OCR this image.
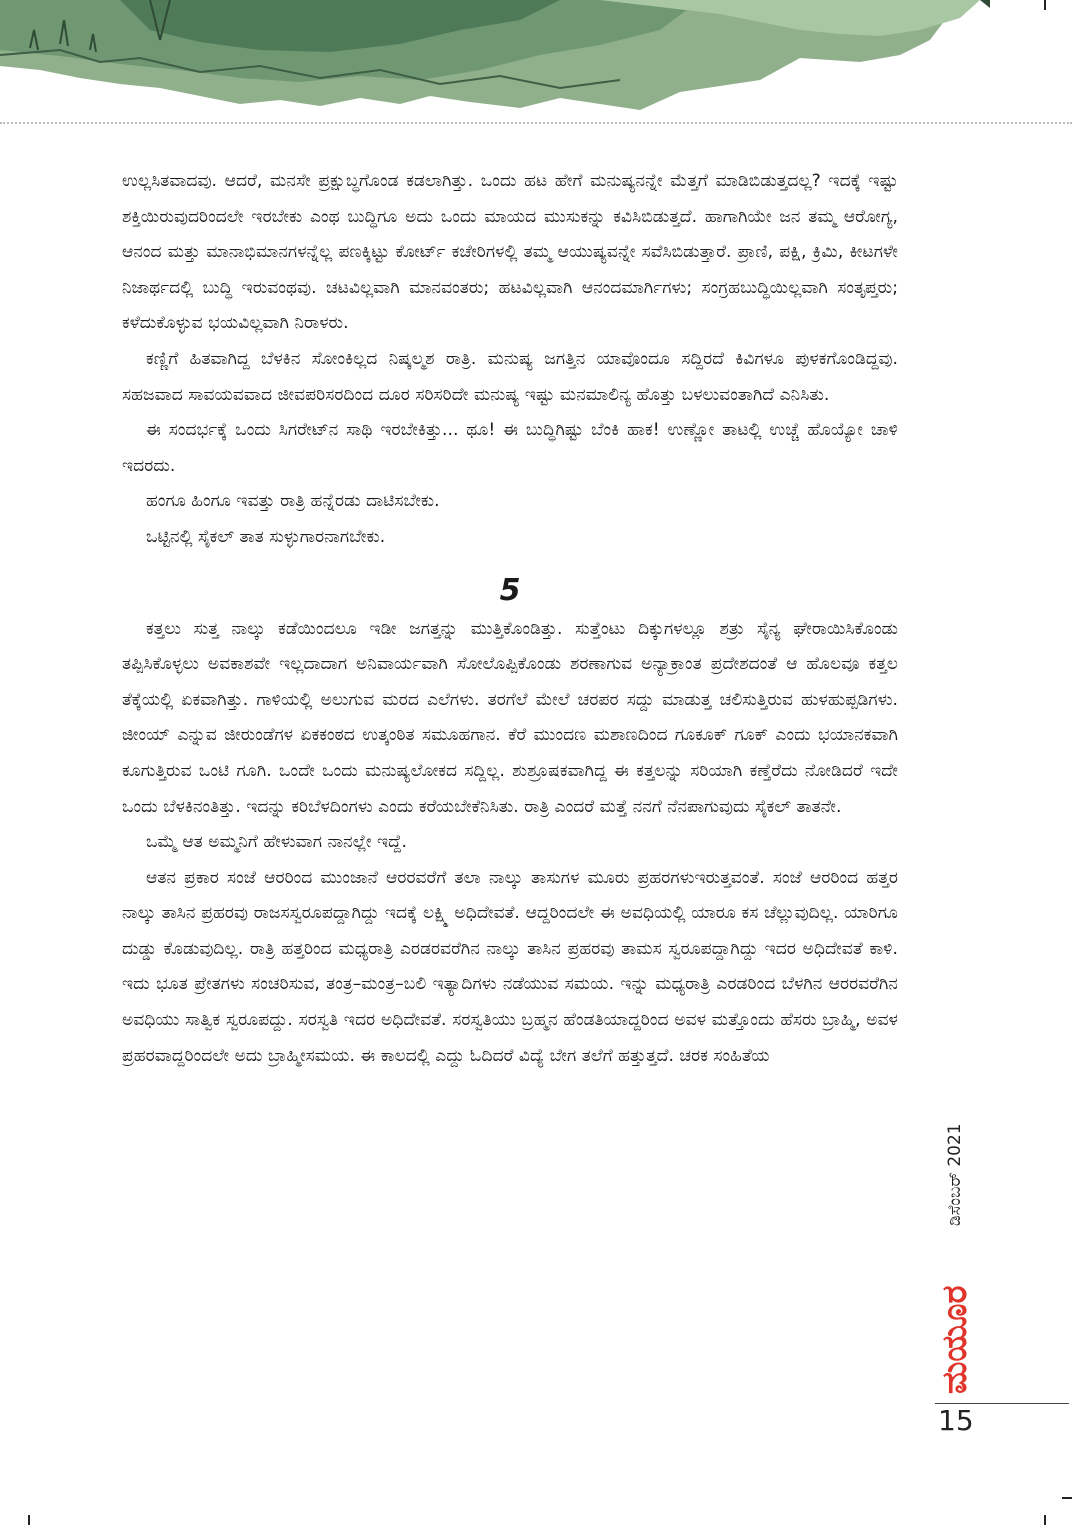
ಉಲ್ಲಸಿತವಾದವು. ಆದರೆ, ಮನಸೇ ಪ್ರಕ್ಷುಬ್ಧಗೊಂಡ ಕಡಲಾಗಿತ್ತು. ಒಂದು ಹಟ ಹೇಗೆ ಮನುಷ್ಯನನ್ನೇ ಮೆತ್ತಗೆ ಮಾಡಿಬಿಡುತ್ತದಲ್ಲ? ಇದಕ್ಕೆ ಇಷ್ಟು ಶಕ್ತಿಯಿರುವುದರಿಂದಲೇ ಇರಬೇಕು ಎಂಥ ಬುದ್ಧಿಗೂ ಅದು ಒಂದು ಮಾಯದ ಮುಸುಕನ್ನು ಕವಿಸಿಬಿಡುತ್ತದೆ. ಹಾಗಾಗಿಯೇ ಜನ ತಮ್ಮ ಆರೋಗ್ಯ, ಆನಂದ ಮತ್ತು ಮಾನಾಭಿಮಾನಗಳನ್ನೆಲ್ಲ ಪಣಕ್ಕಿಟ್ಟು ಕೋರ್ಟ್ ಕಚೇರಿಗಳಲ್ಲಿ ತಮ್ಮ ಆಯುಷ್ಯವನ್ನೇ ಸವೆಸಿಬಿಡುತ್ತಾರೆ. ಪ್ರಾಣಿ, ಪಕ್ಷಿ, ಕ್ರಿಮಿ, ಕೀಟಗಳೇ ನಿಜಾರ್ಥದಲ್ಲಿ ಬುದ್ಧಿ ಇರುವಂಥವು. ಚಟವಿಲ್ಲವಾಗಿ ಮಾನವಂತರು; ಹಟವಿಲ್ಲವಾಗಿ ಆನಂದಮಾರ್ಗಿಗಳು; ಸಂಗ್ರಹಬುದ್ಧಿಯಿಲ್ಲವಾಗಿ ಸಂತೃಪ್ತರು; ಕಳೆದುಕೊಳ್ಳುವ ಭಯವಿಲ್ಲವಾಗಿ ನಿರಾಳರು.

ಕಣ್ಣಿಗೆ ಹಿತವಾಗಿದ್ದ ಬೆಳಕಿನ ಸೋಂಕಿಲ್ಲದ ನಿಷ್ಕಲ್ಮಶ ರಾತ್ರಿ. ಮನುಷ್ಯ ಜಗತ್ತಿನ ಯಾವೊಂದೂ ಸದ್ದಿರದೆ ಕಿವಿಗಳೂ ಪುಳಕಗೊಂಡಿದ್ದವು. ಸಹಜವಾದ ಸಾವಯವವಾದ ಜೀವಪರಿಸರದಿಂದ ದೂರ ಸರಿಸರಿದೇ ಮನುಷ್ಯ ಇಷ್ಟು ಮನಮಾಲಿನ್ಯ ಹೊತ್ತು ಬಳಲುವಂತಾಗಿದೆ ಎನಿಸಿತು.

ಈ ಸಂದರ್ಭಕ್ಕೆ ಒಂದು ಸಿಗರೇಟ್‌ನ ಸಾಥಿ ಇರಬೇಕಿತ್ತು... ಥೂ! ಈ ಬುದ್ಧಿಗಿಷ್ಟು ಬೆಂಕಿ ಹಾಕ! ಉಣ್ಣೋ ತಾಟಲ್ಲಿ ಉಚ್ಚೆ ಹೊಯ್ಯೋ ಚಾಳಿ ಇದರದು.

ಹಂಗೂ ಹಿಂಗೂ ಇವತ್ತು ರಾತ್ರಿ ಹನ್ನೆರಡು ದಾಟಿಸಬೇಕು.

ಒಟ್ಟಿನಲ್ಲಿ ಸೈಕಲ್ ತಾತ ಸುಳ್ಳುಗಾರನಾಗಬೇಕು.

5

ಕತ್ತಲು ಸುತ್ತ ನಾಲ್ಕು ಕಡೆಯಿಂದಲೂ ಇಡೀ ಜಗತ್ತನ್ನು ಮುತ್ತಿಕೊಂಡಿತ್ತು. ಸುತ್ತೆಂಟು ದಿಕ್ಕುಗಳಲ್ಲೂ ಶತ್ರು ಸೈನ್ಯ ಘೇರಾಯಿಸಿಕೊಂಡು ತಪ್ಪಿಸಿಕೊಳ್ಳಲು ಅವಕಾಶವೇ ಇಲ್ಲದಾದಾಗ ಅನಿವಾರ್ಯವಾಗಿ ಸೋಲೊಪ್ಪಿಕೊಂಡು ಶರಣಾಗುವ ಅನ್ಯಾಕ್ರಾಂತ ಪ್ರದೇಶದಂತೆ ಆ ಹೊಲವೂ ಕತ್ತಲ ತೆಕ್ಕೆಯಲ್ಲಿ ಏಕವಾಗಿತ್ತು. ಗಾಳಿಯಲ್ಲಿ ಅಲುಗುವ ಮರದ ಎಲೆಗಳು. ತರಗೆಲೆ ಮೇಲೆ ಚರಪರ ಸದ್ದು ಮಾಡುತ್ತ ಚಲಿಸುತ್ತಿರುವ ಹುಳಹುಪ್ಪಡಿಗಳು. ಜೀಂಯ್ ಎನ್ನುವ ಜೀರುಂಡೆಗಳ ಏಕಕಂಠದ ಉತ್ಕಂಠಿತ ಸಮೂಹಗಾನ. ಕೆರೆ ಮುಂದಣ ಮಶಾಣದಿಂದ ಗೂಕೂಕ್ ಗೂಕ್ ಎಂದು ಭಯಾನಕವಾಗಿ ಕೂಗುತ್ತಿರುವ ಒಂಟಿ ಗೂಗಿ. ಒಂದೇ ಒಂದು ಮನುಷ್ಯಲೋಕದ ಸದ್ದಿಲ್ಲ. ಶುಶ್ರೂಷಕವಾಗಿದ್ದ ಈ ಕತ್ತಲನ್ನು ಸರಿಯಾಗಿ ಕಣ್ತೆರೆದು ನೋಡಿದರೆ ಇದೇ ಒಂದು ಬೆಳಕಿನಂತಿತ್ತು. ಇದನ್ನು ಕರಿಬೆಳದಿಂಗಳು ಎಂದು ಕರೆಯಬೇಕೆನಿಸಿತು. ರಾತ್ರಿ ಎಂದರೆ ಮತ್ತೆ ನನಗೆ ನೆನಪಾಗುವುದು ಸೈಕಲ್ ತಾತನೇ.

ಒಮ್ಮೆ ಆತ ಅಮ್ಮನಿಗೆ ಹೇಳುವಾಗ ನಾನಲ್ಲೇ ಇದ್ದೆ.

ಆತನ ಪ್ರಕಾರ ಸಂಜೆ ಆರರಿಂದ ಮುಂಜಾನೆ ಆರರವರೆಗೆ ತಲಾ ನಾಲ್ಕು ತಾಸುಗಳ ಮೂರು ಪ್ರಹರಗಳುಇರುತ್ತವಂತೆ. ಸಂಜೆ ಆರರಿಂದ ಹತ್ತರ ನಾಲ್ಕು ತಾಸಿನ ಪ್ರಹರವು ರಾಜಸಸ್ವರೂಪದ್ದಾಗಿದ್ದು ಇದಕ್ಕೆ ಲಕ್ಷ್ಮಿ ಅಧಿದೇವತೆ. ಆದ್ದರಿಂದಲೇ ಈ ಅವಧಿಯಲ್ಲಿ ಯಾರೂ ಕಸ ಚೆಲ್ಲುವುದಿಲ್ಲ. ಯಾರಿಗೂ ದುಡ್ಡು ಕೊಡುವುದಿಲ್ಲ. ರಾತ್ರಿ ಹತ್ತರಿಂದ ಮಧ್ಯರಾತ್ರಿ ಎರಡರವರೆಗಿನ ನಾಲ್ಕು ತಾಸಿನ ಪ್ರಹರವು ತಾಮಸ ಸ್ವರೂಪದ್ದಾಗಿದ್ದು ಇದರ ಅಧಿದೇವತೆ ಕಾಳಿ. ಇದು ಭೂತ ಪ್ರೇತಗಳು ಸಂಚರಿಸುವ, ತಂತ್ರ–ಮಂತ್ರ–ಬಲಿ ಇತ್ಯಾದಿಗಳು ನಡೆಯುವ ಸಮಯ. ಇನ್ನು ಮಧ್ಯರಾತ್ರಿ ಎರಡರಿಂದ ಬೆಳಗಿನ ಆರರವರೆಗಿನ ಅವಧಿಯು ಸಾತ್ವಿಕ ಸ್ವರೂಪದ್ದು. ಸರಸ್ವತಿ ಇದರ ಅಧಿದೇವತೆ. ಸರಸ್ವತಿಯು ಬ್ರಹ್ಮನ ಹೆಂಡತಿಯಾದ್ದರಿಂದ ಅವಳ ಮತ್ತೊಂದು ಹೆಸರು ಬ್ರಾಹ್ಮಿ, ಅವಳ ಪ್ರಹರವಾದ್ದರಿಂದಲೇ ಅದು ಬ್ರಾಹ್ಮೀಸಮಯ. ಈ ಕಾಲದಲ್ಲಿ ಎದ್ದು ಓದಿದರೆ ವಿದ್ಯೆ ಬೇಗ ತಲೆಗೆ ಹತ್ತುತ್ತದೆ. ಚರಕ ಸಂಹಿತೆಯ

ಡಿಸೆಂಬರ್ 2021
ಮಯೂರ
15
